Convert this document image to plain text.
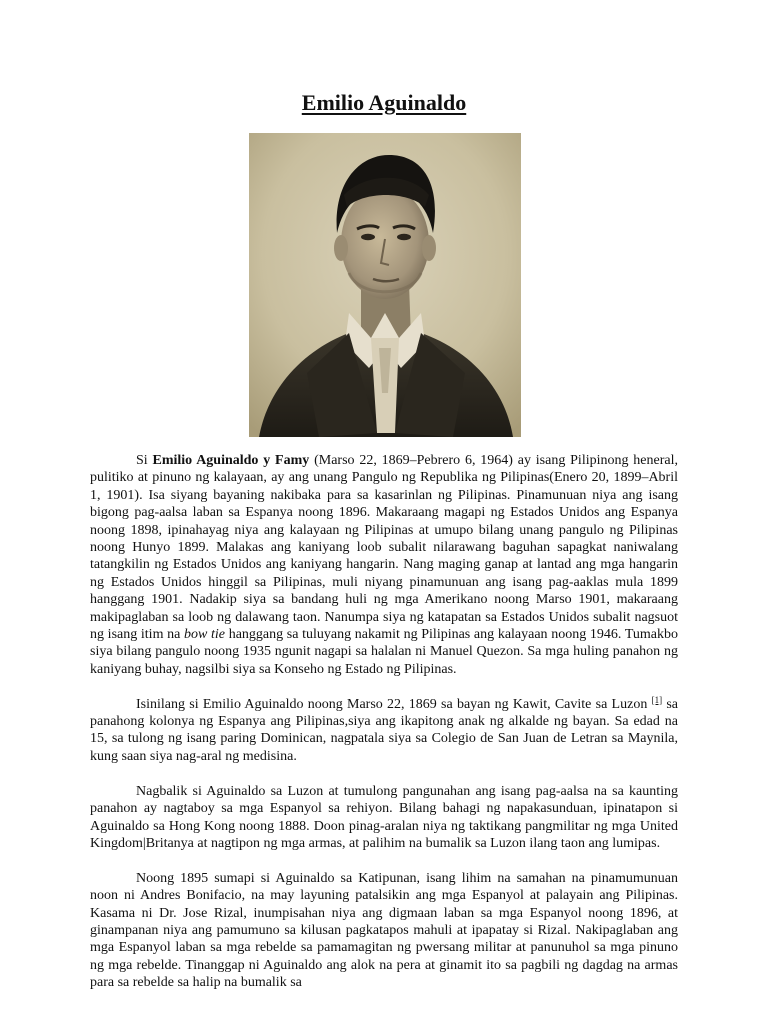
Emilio Aguinaldo

Si Emilio Aguinaldo y Famy (Marso 22, 1869–Pebrero 6, 1964) ay isang Pilipinong heneral, pulitiko at pinuno ng kalayaan, ay ang unang Pangulo ng Republika ng Pilipinas(Enero 20, 1899–Abril 1, 1901). Isa siyang bayaning nakibaka para sa kasarinlan ng Pilipinas. Pinamunuan niya ang isang bigong pag-aalsa laban sa Espanya noong 1896. Makaraang magapi ng Estados Unidos ang Espanya noong 1898, ipinahayag niya ang kalayaan ng Pilipinas at umupo bilang unang pangulo ng Pilipinas noong Hunyo 1899. Malakas ang kaniyang loob subalit nilarawang baguhan sapagkat naniwalang tatangkilin ng Estados Unidos ang kaniyang hangarin. Nang maging ganap at lantad ang mga hangarin ng Estados Unidos hinggil sa Pilipinas, muli niyang pinamunuan ang isang pag-aaklas mula 1899 hanggang 1901. Nadakip siya sa bandang huli ng mga Amerikano noong Marso 1901, makaraang makipaglaban sa loob ng dalawang taon. Nanumpa siya ng katapatan sa Estados Unidos subalit nagsuot ng isang itim na bow tie hanggang sa tuluyang nakamit ng Pilipinas ang kalayaan noong 1946. Tumakbo siya bilang pangulo noong 1935 ngunit nagapi sa halalan ni Manuel Quezon. Sa mga huling panahon ng kaniyang buhay, nagsilbi siya sa Konseho ng Estado ng Pilipinas.

Isinilang si Emilio Aguinaldo noong Marso 22, 1869 sa bayan ng Kawit, Cavite sa Luzon [1] sa panahong kolonya ng Espanya ang Pilipinas,siya ang ikapitong anak ng alkalde ng bayan. Sa edad na 15, sa tulong ng isang paring Dominican, nagpatala siya sa Colegio de San Juan de Letran sa Maynila, kung saan siya nag-aral ng medisina.

Nagbalik si Aguinaldo sa Luzon at tumulong pangunahan ang isang pag-aalsa na sa kaunting panahon ay nagtaboy sa mga Espanyol sa rehiyon. Bilang bahagi ng napakasunduan, ipinatapon si Aguinaldo sa Hong Kong noong 1888. Doon pinag-aralan niya ng taktikang pangmilitar ng mga United Kingdom|Britanya at nagtipon ng mga armas, at palihim na bumalik sa Luzon ilang taon ang lumipas.

Noong 1895 sumapi si Aguinaldo sa Katipunan, isang lihim na samahan na pinamumunuan noon ni Andres Bonifacio, na may layuning patalsikin ang mga Espanyol at palayain ang Pilipinas. Kasama ni Dr. Jose Rizal, inumpisahan niya ang digmaan laban sa mga Espanyol noong 1896, at ginampanan niya ang pamumuno sa kilusan pagkatapos mahuli at ipapatay si Rizal. Nakipaglaban ang mga Espanyol laban sa mga rebelde sa pamamagitan ng pwersang militar at panunuhol sa mga pinuno ng mga rebelde. Tinanggap ni Aguinaldo ang alok na pera at ginamit ito sa pagbili ng dagdag na armas para sa rebelde sa halip na bumalik sa
